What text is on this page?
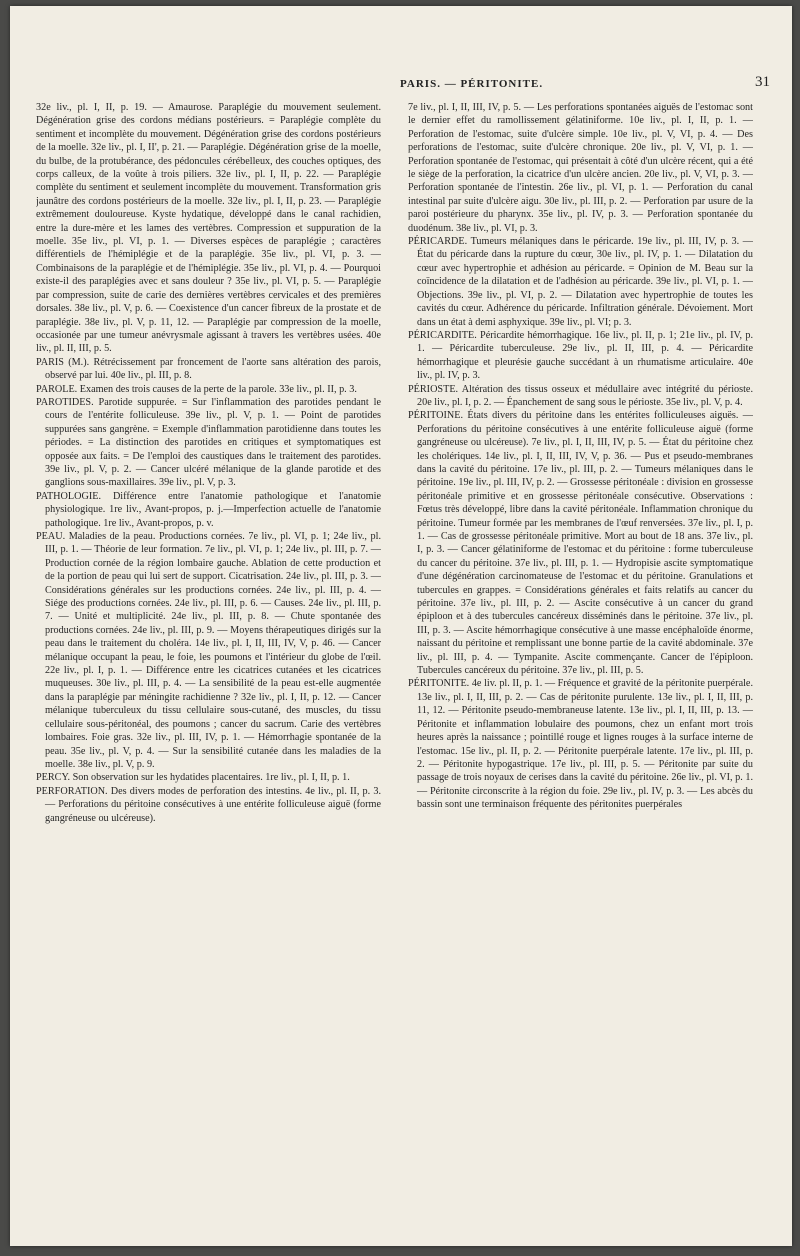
PARIS. — PÉRITONITE.	31

32e liv., pl. I, II, p. 19. — Amaurose. Paraplégie du mouvement seulement. Dégénération grise des cordons médians postérieurs. = Paraplégie complète du sentiment et incomplète du mouvement. Dégénération grise des cordons postérieurs de la moelle. 32e liv., pl. I, II', p. 21. — Paraplégie. Dégénération grise de la moelle, du bulbe, de la protubérance, des pédoncules cérébelleux, des couches optiques, des corps calleux, de la voûte à trois piliers. 32e liv., pl. I, II, p. 22. — Paraplégie complète du sentiment et seulement incomplète du mouvement. Transformation gris jaunâtre des cordons postérieurs de la moelle. 32e liv., pl. I, II, p. 23. — Paraplégie extrêmement douloureuse. Kyste hydatique, développé dans le canal rachidien, entre la dure-mère et les lames des vertèbres. Compression et suppuration de la moelle. 35e liv., pl. VI, p. 1. — Diverses espèces de paraplégie ; caractères différentiels de l'hémiplégie et de la paraplégie. 35e liv., pl. VI, p. 3. — Combinaisons de la paraplégie et de l'hémiplégie. 35e liv., pl. VI, p. 4. — Pourquoi existe-il des paraplégies avec et sans douleur ? 35e liv., pl. VI, p. 5. — Paraplégie par compression, suite de carie des dernières vertèbres cervicales et des premières dorsales. 38e liv., pl. V, p. 6. — Coexistence d'un cancer fibreux de la prostate et de paraplégie. 38e liv., pl. V, p. 11, 12. — Paraplégie par compression de la moelle, occasionée par une tumeur anévrysmale agissant à travers les vertèbres usées. 40e liv., pl. II, III, p. 5.

PARIS (M.). Rétrécissement par froncement de l'aorte sans altération des parois, observé par lui. 40e liv., pl. III, p. 8.

PAROLE. Examen des trois causes de la perte de la parole. 33e liv., pl. II, p. 3.

PAROTIDES. Parotide suppurée. = Sur l'inflammation des parotides pendant le cours de l'entérite folliculeuse. 39e liv., pl. V, p. 1. — Point de parotides suppurées sans gangrène. = Exemple d'inflammation parotidienne dans toutes les périodes. = La distinction des parotides en critiques et symptomatiques est opposée aux faits. = De l'emploi des caustiques dans le traitement des parotides. 39e liv., pl. V, p. 2. — Cancer ulcéré mélanique de la glande parotide et des ganglions sous-maxillaires. 39e liv., pl. V, p. 3.

PATHOLOGIE. Différence entre l'anatomie pathologique et l'anatomie physiologique. 1re liv., Avant-propos, p. j.—Imperfection actuelle de l'anatomie pathologique. 1re liv., Avant-propos, p. v.

PEAU. Maladies de la peau. Productions cornées. 7e liv., pl. VI, p. 1; 24e liv., pl. III, p. 1. — Théorie de leur formation. 7e liv., pl. VI, p. 1; 24e liv., pl. III, p. 7. — Production cornée de la région lombaire gauche. Ablation de cette production et de la portion de peau qui lui sert de support. Cicatrisation. 24e liv., pl. III, p. 3. — Considérations générales sur les productions cornées. 24e liv., pl. III, p. 4. — Siége des productions cornées. 24e liv., pl. III, p. 6. — Causes. 24e liv., pl. III, p. 7. — Unité et multiplicité. 24e liv., pl. III, p. 8. — Chute spontanée des productions cornées. 24e liv., pl. III, p. 9. — Moyens thérapeutiques dirigés sur la peau dans le traitement du choléra. 14e liv., pl. I, II, III, IV, V, p. 46. — Cancer mélanique occupant la peau, le foie, les poumons et l'intérieur du globe de l'œil. 22e liv., pl. I, p. 1. — Différence entre les cicatrices cutanées et les cicatrices muqueuses. 30e liv., pl. III, p. 4. — La sensibilité de la peau est-elle augmentée dans la paraplégie par méningite rachidienne ? 32e liv., pl. I, II, p. 12. — Cancer mélanique tuberculeux du tissu cellulaire sous-cutané, des muscles, du tissu cellulaire sous-péritonéal, des poumons ; cancer du sacrum. Carie des vertèbres lombaires. Foie gras. 32e liv., pl. III, IV, p. 1. — Hémorrhagie spontanée de la peau. 35e liv., pl. V, p. 4. — Sur la sensibilité cutanée dans les maladies de la moelle. 38e liv., pl. V, p. 9.

PERCY. Son observation sur les hydatides placentaires. 1re liv., pl. I, II, p. 1.

PERFORATION. Des divers modes de perforation des intestins. 4e liv., pl. II, p. 3. — Perforations du péritoine consécutives à une entérite folliculeuse aiguë (forme gangréneuse ou ulcéreuse).

7e liv., pl. I, II, III, IV, p. 5. — Les perforations spontanées aiguës de l'estomac sont le dernier effet du ramollissement gélatiniforme. 10e liv., pl. I, II, p. 1. — Perforation de l'estomac, suite d'ulcère simple. 10e liv., pl. V, VI, p. 4. — Des perforations de l'estomac, suite d'ulcère chronique. 20e liv., pl. V, VI, p. 1. — Perforation spontanée de l'estomac, qui présentait à côté d'un ulcère récent, qui a été le siège de la perforation, la cicatrice d'un ulcère ancien. 20e liv., pl. V, VI, p. 3. — Perforation spontanée de l'intestin. 26e liv., pl. VI, p. 1. — Perforation du canal intestinal par suite d'ulcère aigu. 30e liv., pl. III, p. 2. — Perforation par usure de la paroi postérieure du pharynx. 35e liv., pl. IV, p. 3. — Perforation spontanée du duodénum. 38e liv., pl. VI, p. 3.

PÉRICARDE. Tumeurs mélaniques dans le péricarde. 19e liv., pl. III, IV, p. 3. — État du péricarde dans la rupture du cœur, 30e liv., pl. IV, p. 1. — Dilatation du cœur avec hypertrophie et adhésion au péricarde. = Opinion de M. Beau sur la coïncidence de la dilatation et de l'adhésion au péricarde. 39e liv., pl. VI, p. 1. — Objections. 39e liv., pl. VI, p. 2. — Dilatation avec hypertrophie de toutes les cavités du cœur. Adhérence du péricarde. Infiltration générale. Dévoiement. Mort dans un état à demi asphyxique. 39e liv., pl. VI; p. 3.

PÉRICARDITE. Péricardite hémorrhagique. 16e liv., pl. II, p. 1; 21e liv., pl. IV, p. 1. — Péricardite tuberculeuse. 29e liv., pl. II, III, p. 4. — Péricardite hémorrhagique et pleurésie gauche succédant à un rhumatisme articulaire. 40e liv., pl. IV, p. 3.

PÉRIOSTE. Altération des tissus osseux et médullaire avec intégrité du périoste. 20e liv., pl. I, p. 2. — Épanchement de sang sous le périoste. 35e liv., pl. V, p. 4.

PÉRITOINE. États divers du péritoine dans les entérites folliculeuses aiguës. — Perforations du péritoine consécutives à une entérite folliculeuse aiguë (forme gangréneuse ou ulcéreuse). 7e liv., pl. I, II, III, IV, p. 5. — État du péritoine chez les cholériques. 14e liv., pl. I, II, III, IV, V, p. 36. — Pus et pseudo-membranes dans la cavité du péritoine. 17e liv., pl. III, p. 2. — Tumeurs mélaniques dans le péritoine. 19e liv., pl. III, IV, p. 2. — Grossesse péritonéale : division en grossesse péritonéale primitive et en grossesse péritonéale consécutive. Observations : Fœtus très développé, libre dans la cavité péritonéale. Inflammation chronique du péritoine. Tumeur formée par les membranes de l'œuf renversées. 37e liv., pl. I, p. 1. — Cas de grossesse péritonéale primitive. Mort au bout de 18 ans. 37e liv., pl. I, p. 3. — Cancer gélatiniforme de l'estomac et du péritoine : forme tuberculeuse du cancer du péritoine. 37e liv., pl. III, p. 1. — Hydropisie ascite symptomatique d'une dégénération carcinomateuse de l'estomac et du péritoine. Granulations et tubercules en grappes. = Considérations générales et faits relatifs au cancer du péritoine. 37e liv., pl. III, p. 2. — Ascite consécutive à un cancer du grand épiploon et à des tubercules cancéreux disséminés dans le péritoine. 37e liv., pl. III, p. 3. — Ascite hémorrhagique consécutive à une masse encéphaloïde énorme, naissant du péritoine et remplissant une bonne partie de la cavité abdominale. 37e liv., pl. III, p. 4. — Tympanite. Ascite commençante. Cancer de l'épiploon. Tubercules cancéreux du péritoine. 37e liv., pl. III, p. 5.

PÉRITONITE. 4e liv. pl. II, p. 1. — Fréquence et gravité de la péritonite puerpérale. 13e liv., pl. I, II, III, p. 2. — Cas de péritonite purulente. 13e liv., pl. I, II, III, p. 11, 12. — Péritonite pseudo-membraneuse latente. 13e liv., pl. I, II, III, p. 13. — Péritonite et inflammation lobulaire des poumons, chez un enfant mort trois heures après la naissance ; pointillé rouge et lignes rouges à la surface interne de l'estomac. 15e liv., pl. II, p. 2. — Péritonite puerpérale latente. 17e liv., pl. III, p. 2. — Péritonite hypogastrique. 17e liv., pl. III, p. 5. — Péritonite par suite du passage de trois noyaux de cerises dans la cavité du péritoine. 26e liv., pl. VI, p. 1. — Péritonite circonscrite à la région du foie. 29e liv., pl. IV, p. 3. — Les abcès du bassin sont une terminaison fréquente des péritonites puerpérales
